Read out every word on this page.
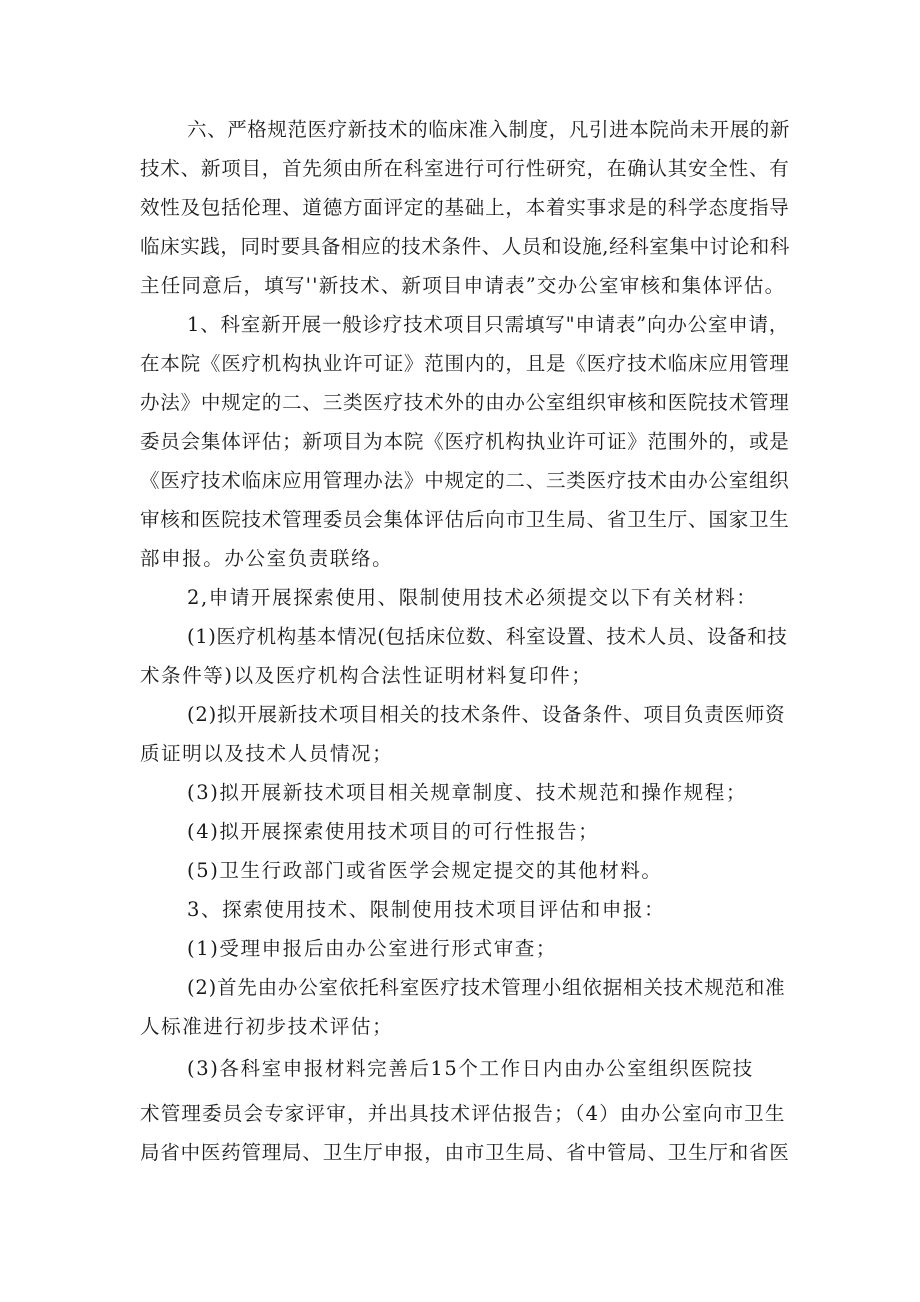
六、严格规范医疗新技术的临床准入制度，凡引进本院尚未开展的新
技术、新项目，首先须由所在科室进行可行性研究，在确认其安全性、有
效性及包括伦理、道德方面评定的基础上，本着实事求是的科学态度指导
临床实践，同时要具备相应的技术条件、人员和设施,经科室集中讨论和科
主任同意后，填写''新技术、新项目申请表”交办公室审核和集体评估。
1、科室新开展一般诊疗技术项目只需填写"申请表”向办公室申请，
在本院《医疗机构执业许可证》范围内的，且是《医疗技术临床应用管理
办法》中规定的二、三类医疗技术外的由办公室组织审核和医院技术管理
委员会集体评估；新项目为本院《医疗机构执业许可证》范围外的，或是
《医疗技术临床应用管理办法》中规定的二、三类医疗技术由办公室组织
审核和医院技术管理委员会集体评估后向市卫生局、省卫生厅、国家卫生
部申报。办公室负责联络。
2,申请开展探索使用、限制使用技术必须提交以下有关材料：
(1)医疗机构基本情况(包括床位数、科室设置、技术人员、设备和技
术条件等)以及医疗机构合法性证明材料复印件；
(2)拟开展新技术项目相关的技术条件、设备条件、项目负责医师资
质证明以及技术人员情况；
(3)拟开展新技术项目相关规章制度、技术规范和操作规程；
(4)拟开展探索使用技术项目的可行性报告；
(5)卫生行政部门或省医学会规定提交的其他材料。
3、探索使用技术、限制使用技术项目评估和申报：
(1)受理申报后由办公室进行形式审查；
(2)首先由办公室依托科室医疗技术管理小组依据相关技术规范和准
人标准进行初步技术评估；
(3)各科室申报材料完善后15个工作日内由办公室组织医院技
术管理委员会专家评审，并出具技术评估报告；（4）由办公室向市卫生
局省中医药管理局、卫生厅申报，由市卫生局、省中管局、卫生厅和省医
